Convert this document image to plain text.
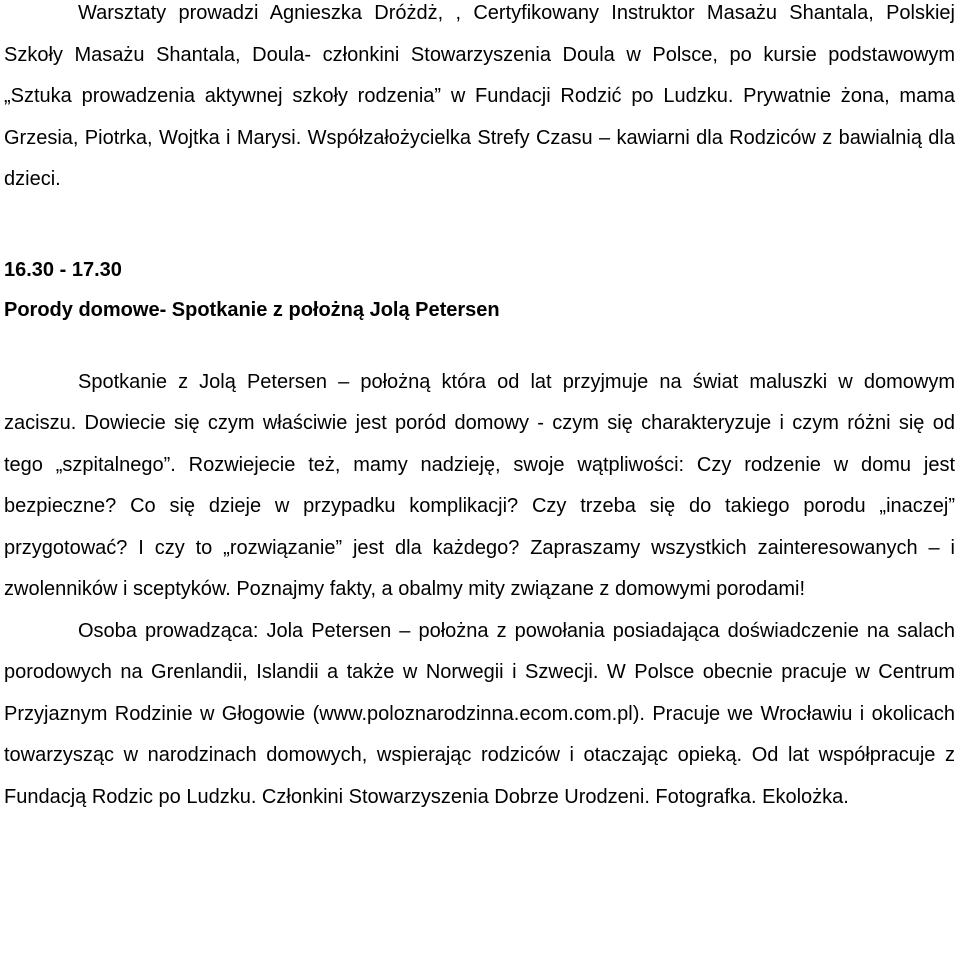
Warsztaty prowadzi Agnieszka Dróżdż, , Certyfikowany Instruktor Masażu Shantala, Polskiej Szkoły Masażu Shantala, Doula- członkini Stowarzyszenia Doula w Polsce, po kursie podstawowym „Sztuka prowadzenia aktywnej szkoły rodzenia” w Fundacji Rodzić po Ludzku. Prywatnie żona, mama Grzesia, Piotrka, Wojtka i Marysi. Współzałożycielka Strefy Czasu – kawiarni dla Rodziców z bawialnią dla dzieci.

16.30 - 17.30

Porody domowe- Spotkanie z położną Jolą Petersen

Spotkanie z Jolą Petersen – położną która od lat przyjmuje na świat maluszki w domowym zaciszu. Dowiecie się czym właściwie jest poród domowy - czym się charakteryzuje i czym różni się od tego „szpitalnego”. Rozwiejecie też, mamy nadzieję, swoje wątpliwości: Czy rodzenie w domu jest bezpieczne? Co się dzieje w przypadku komplikacji? Czy trzeba się do takiego porodu „inaczej” przygotować? I czy to „rozwiązanie” jest dla każdego? Zapraszamy wszystkich zainteresowanych – i zwolenników i sceptyków. Poznajmy fakty, a obalmy mity związane z domowymi porodami!

Osoba prowadząca: Jola Petersen – położna z powołania posiadająca doświadczenie na salach porodowych na Grenlandii, Islandii a także w Norwegii i Szwecji. W Polsce obecnie pracuje w Centrum Przyjaznym Rodzinie w Głogowie (www.poloznarodzinna.ecom.com.pl). Pracuje we Wrocławiu i okolicach towarzysząc w narodzinach domowych, wspierając rodziców i otaczając opieką. Od lat współpracuje z Fundacją Rodzic po Ludzku. Członkini Stowarzyszenia Dobrze Urodzeni. Fotografka. Ekolożka.
